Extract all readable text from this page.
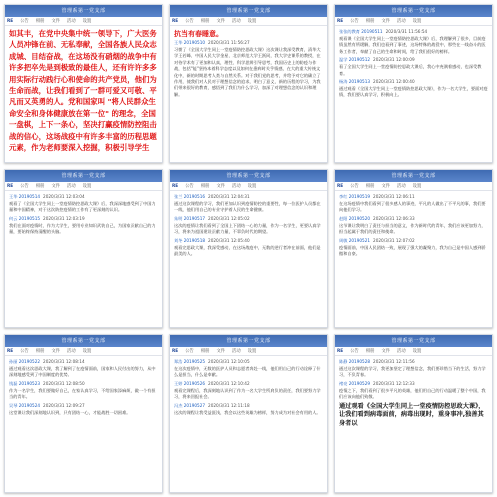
管理系第一党支部
RE 公告 相册 文件 活动 设置
如其丰，在党中央集中统一领导下，广大医务人员冲锋在前、无私奉献，全国各族人民众志成城、目结奋战，在这场没有硝烟的战争中有许多把卒先是到极致的最佳人，还有许许多多用实际行动践行心和使命的共产党员，他们为生命而战，让我们看到了一群可爱又可敬、平凡而又英勇的人。党和国家叫 "将人民群众生命安全和身体健康放在第一位" 的理念，全国一盘棋，上下一条心，坚决打赢疫情防控阻击战的信心，这场战疫中有许多丰富的历程思题元素，作为老师要深入挖掘，积极引导学生
管理系第一党支部
RE 公告 相册 文件 活动 设置
抗当有春睡意。
王华 20190510 2020/3/31 11:56:27
习惯了《全国大学生同上一堂疫情防控思政大课》这次课让我深受教育，清华大学王若峰、中国人民大学金星、北京师范大学王跃同，我大学史课系的教授，在对待学术有了更加和认真，理性、科学思辨引导思考，我国历史上的防疫与作战，包括"能"坚持本着科学态度以及如何在患病时关乎情感，在大的重大传统文化中，新的时期思考人类与自然关系。对于我们党的思考，并给予对它的确立了作用，使我们对人民对于理想信念的追求，明白了意义，新的历程的学习，为我们带来很好的教育，感悟到了我们为什么学习，加深了对理想信念的认识和理解。
管理系第一党支部
RE 公告 相册 文件 活动 设置
张张的教育 20190511 2020/3/31 11:56:54
观看课《全国大学生同上一堂疫情防控思政大课》后，我理解到了很多，目前疫情虽然有所缓解，我们也看到了事迹，这场特殊的战役中，那些在一线奋斗的医务工作者，奉献了自己的生命和时间，给了我们很好的榜样。
温学 20190512 2020/3/31 12:00:09
看了全国大学生同上一堂疫情防控思政大课后，我心中充满着感动，也深受教育。
杨涛 20190513 2020/3/31 12:00:40
通过观看《全国大学生同上一堂疫情防控思政大课》，作为一名大学生，要面对疫情，我们要认真学习，积极向上。
管理系第一党支部
RE 公告 相册 文件 活动 设置
王华 20190514 2020/3/31 12:03:04
观看了《全国大学生同上一堂疫情防控思政大课》后，我深深地感受到了中国力量和中国精神，对于这次防控疫情的工作有了更深刻的认识。
何云 20190515 2020/3/31 12:03:19
我们在面对疫情时，作为大学生，要用专业知识武装自己，为国家贡献自己的力量，要始终保持清醒的头脑。
管理系第一党支部
RE 公告 相册 文件 活动 设置
张兰 20190516 2020/3/31 12:04:31
通过这次课程的学习，我们更加认识到疫情防控的重要性，每一位医护人员都在一线，他们用自己的专业守护着人民的生命健康。
朱明 20190517 2020/3/31 12:05:02
这次的疫情让我们看到了全国上下团结一心的力量，作为一名学生，更要认真学习，将来为祖国建设贡献力量，不辜负时代的期望。
刘冬 20190518 2020/3/31 12:05:40
观看完思政大课，我深受感动，在这场战疫中，无数的逆行者冲在前面，他们是最美的人。
管理系第一党支部
RE 公告 相册 文件 活动 设置
李红 20190519 2020/3/31 12:06:11
在这场疫情中我们看到了很多感人的事迹，平凡的人做出了不平凡的事，我们要向他们学习。
赵阳 20190520 2020/3/31 12:06:33
这节课让我明白了责任与担当的意义，作为新时代的青年，我们应该更加努力，担当起属于我们的责任和使命。
周敏 20190521 2020/3/31 12:07:02
疫情面前，中国人民团结一致，展现了强大的凝聚力，我为自己是中国人感到骄傲和自豪。
管理系第一党支部
RE 公告 相册 文件 活动 设置
孙丽 20190522 2020/3/31 12:08:14
通过观看这次思政大课，我了解到了在疫情面前，国家和人民付出的努力，从中深刻地感受到了中国制度的优势。
钱磊 20190523 2020/3/31 12:08:50
作为一名学生，我们要做好自己，在家认真学习，不给国家添麻烦，做一个有担当的青年。
吴琴 20190524 2020/3/31 12:09:27
这堂课让我们深刻地认识到，只有团结一心，才能战胜一切困难。
管理系第一党支部
RE 公告 相册 文件 活动 设置
郑浩 20190525 2020/3/31 12:10:05
在这次疫情中，无数的医护人员和志愿者奔赴一线，他们用自己的行动诠释了什么是担当，什么是奉献。
王婷 20190526 2020/3/31 12:10:42
观看完课程后，我深刻地认识到了作为一名大学生所肩负的责任，我们要努力学习，将来回报社会。
冯杰 20190527 2020/3/31 12:11:18
这次的课程让我受益匪浅，我会以这些英雄为榜样，努力成为对社会有用的人。
管理系第一党支部
RE 公告 相册 文件 活动 设置
陈静 20190528 2020/3/31 12:11:56
通过这次课程的学习，我更加坚定了理想信念，我们要珍惜当下的生活，努力学习，不负青春。
褚亮 20190529 2020/3/31 12:12:33
疫情之下，我们看到了很多平凡的英雄，他们用自己的行动温暖了整个中国，我们应该向他们致敬。
通过观看《全国大学生同上一堂疫情防控思政大课》，让我们看到病毒面前，病毒出现时，重身事冲,独善其身者以
